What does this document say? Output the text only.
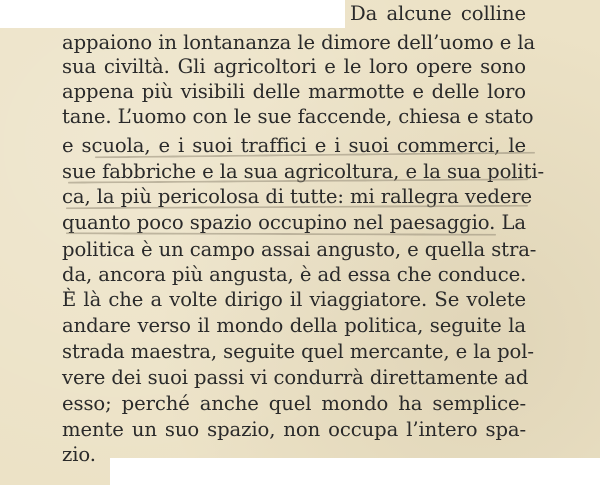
Da alcune colline
appaiono in lontananza le dimore dell’uomo e la
sua civiltà. Gli agricoltori e le loro opere sono
appena più visibili delle marmotte e delle loro
tane. L’uomo con le sue faccende, chiesa e stato
e scuola, e i suoi traffici e i suoi commerci, le
sue fabbriche e la sua agricoltura, e la sua politi-
ca, la più pericolosa di tutte: mi rallegra vedere
quanto poco spazio occupino nel paesaggio. La
politica è un campo assai angusto, e quella stra-
da, ancora più angusta, è ad essa che conduce.
È là che a volte dirigo il viaggiatore. Se volete
andare verso il mondo della politica, seguite la
strada maestra, seguite quel mercante, e la pol-
vere dei suoi passi vi condurrà direttamente ad
esso; perché anche quel mondo ha semplice-
mente un suo spazio, non occupa l’intero spa-
zio.
